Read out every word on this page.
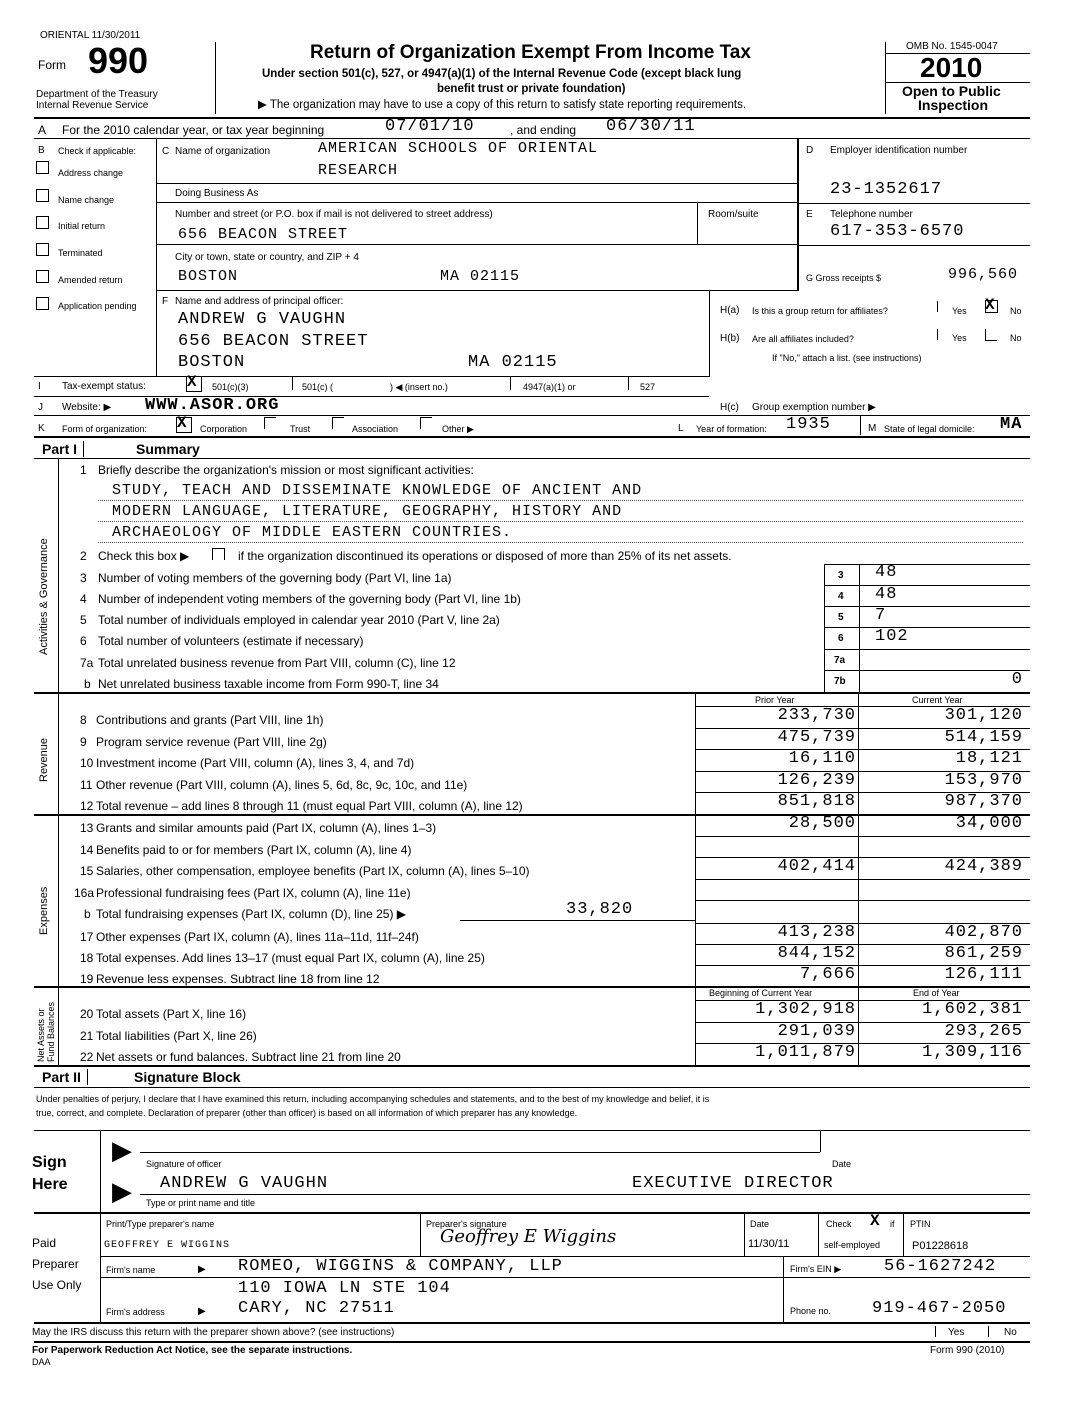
ORIENTAL 11/30/2011
Form 990
Department of the Treasury
Internal Revenue Service
Return of Organization Exempt From Income Tax
Under section 501(c), 527, or 4947(a)(1) of the Internal Revenue Code (except black lung
benefit trust or private foundation)
▶ The organization may have to use a copy of this return to satisfy state reporting requirements.
OMB No. 1545-0047
2010
Open to Public
Inspection
A For the 2010 calendar year, or tax year beginning	07/01/10	, and ending 06/30/11
B Check if applicable:
Address change
Name change
Initial return
Terminated
Amended return
Application pending
C Name of organization	AMERICAN SCHOOLS OF ORIENTAL
RESEARCH
Doing Business As
Number and street (or P.O. box if mail is not delivered to street address)	Room/suite
656 BEACON STREET
City or town, state or country, and ZIP + 4
BOSTON	MA 02115
D Employer identification number
23-1352617
E Telephone number
617-353-6570
G Gross receipts $	996,560
F Name and address of principal officer:
ANDREW G VAUGHN
656 BEACON STREET
BOSTON	MA 02115
H(a) Is this a group return for affiliates?	Yes X No
H(b) Are all affiliates included?	Yes	No
If "No," attach a list. (see instructions)
I Tax-exempt status:	X 501(c)(3)	501(c) (	) ◀ (insert no.)	4947(a)(1) or	527
J Website: ▶ WWW.ASOR.ORG	H(c) Group exemption number ▶
K Form of organization: X Corporation	Trust	Association	Other ▶	L Year of formation: 1935	M State of legal domicile: MA
Part I	Summary
Activities & Governance
Revenue
Expenses
Net Assets or Fund Balances
1 Briefly describe the organization's mission or most significant activities:
STUDY, TEACH AND DISSEMINATE KNOWLEDGE OF ANCIENT AND
MODERN LANGUAGE, LITERATURE, GEOGRAPHY, HISTORY AND
ARCHAEOLOGY OF MIDDLE EASTERN COUNTRIES.
2 Check this box ▶	if the organization discontinued its operations or disposed of more than 25% of its net assets.
3 Number of voting members of the governing body (Part VI, line 1a)	3 48
4 Number of independent voting members of the governing body (Part VI, line 1b)	4 48
5 Total number of individuals employed in calendar year 2010 (Part V, line 2a)	5 7
6 Total number of volunteers (estimate if necessary)	6 102
7a Total unrelated business revenue from Part VIII, column (C), line 12	7a
b Net unrelated business taxable income from Form 990-T, line 34	7b	0
Prior Year	Current Year
8 Contributions and grants (Part VIII, line 1h)	233,730	301,120
9 Program service revenue (Part VIII, line 2g)	475,739	514,159
10 Investment income (Part VIII, column (A), lines 3, 4, and 7d)	16,110	18,121
11 Other revenue (Part VIII, column (A), lines 5, 6d, 8c, 9c, 10c, and 11e)	126,239	153,970
12 Total revenue – add lines 8 through 11 (must equal Part VIII, column (A), line 12)	851,818	987,370
13 Grants and similar amounts paid (Part IX, column (A), lines 1–3)	28,500	34,000
14 Benefits paid to or for members (Part IX, column (A), line 4)
15 Salaries, other compensation, employee benefits (Part IX, column (A), lines 5–10)	402,414	424,389
16a Professional fundraising fees (Part IX, column (A), line 11e)
b Total fundraising expenses (Part IX, column (D), line 25) ▶	33,820
17 Other expenses (Part IX, column (A), lines 11a–11d, 11f–24f)	413,238	402,870
18 Total expenses. Add lines 13–17 (must equal Part IX, column (A), line 25)	844,152	861,259
19 Revenue less expenses. Subtract line 18 from line 12	7,666	126,111
Beginning of Current Year	End of Year
20 Total assets (Part X, line 16)	1,302,918	1,602,381
21 Total liabilities (Part X, line 26)	291,039	293,265
22 Net assets or fund balances. Subtract line 21 from line 20	1,011,879	1,309,116
Part II	Signature Block
Under penalties of perjury, I declare that I have examined this return, including accompanying schedules and statements, and to the best of my knowledge and belief, it is
true, correct, and complete. Declaration of preparer (other than officer) is based on all information of which preparer has any knowledge.
Sign
Here
▶
▶
Signature of officer	Date
ANDREW G VAUGHN	EXECUTIVE DIRECTOR
Type or print name and title
Paid
Preparer
Use Only
Print/Type preparer's name
GEOFFREY E WIGGINS
Preparer's signature
Geoffrey E Wiggins
Date
11/30/11
Check X if
self-employed
PTIN
P01228618
Firm's name	▶ ROMEO, WIGGINS & COMPANY, LLP	Firm's EIN ▶	56-1627242
110 IOWA LN STE 104
Firm's address	▶ CARY, NC 27511	Phone no. 919-467-2050
May the IRS discuss this return with the preparer shown above? (see instructions)	Yes	No
For Paperwork Reduction Act Notice, see the separate instructions.
DAA
Form 990 (2010)
